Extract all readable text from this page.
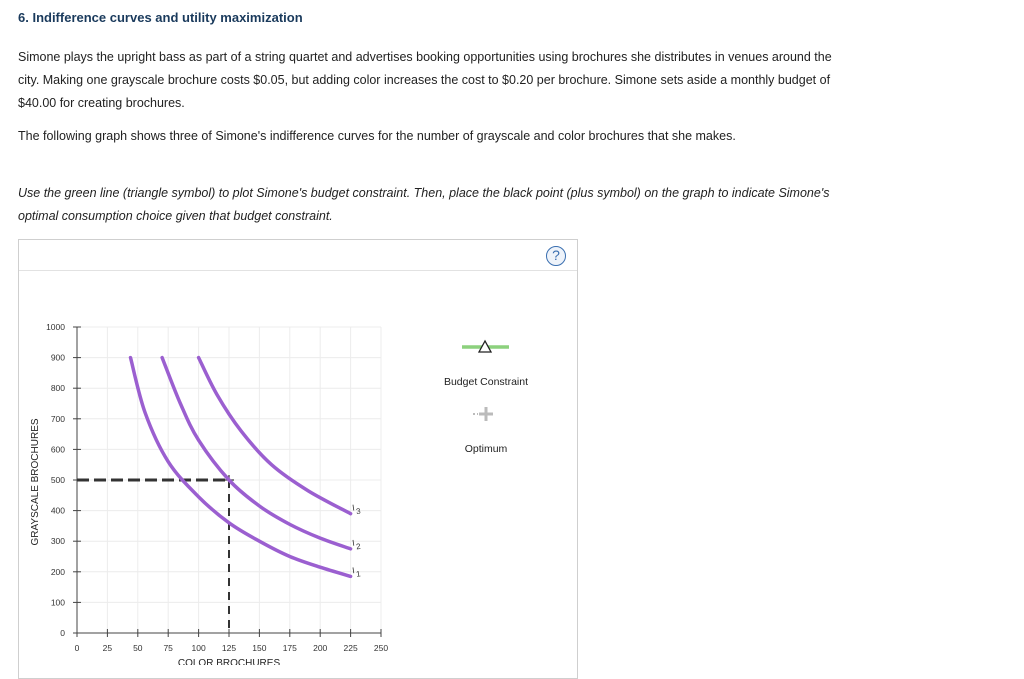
6. Indifference curves and utility maximization
Simone plays the upright bass as part of a string quartet and advertises booking opportunities using brochures she distributes in venues around the
city. Making one grayscale brochure costs $0.05, but adding color increases the cost to $0.20 per brochure. Simone sets aside a monthly budget of
$40.00 for creating brochures.
The following graph shows three of Simone's indifference curves for the number of grayscale and color brochures that she makes.
Use the green line (triangle symbol) to plot Simone's budget constraint. Then, place the black point (plus symbol) on the graph to indicate Simone's
optimal consumption choice given that budget constraint.
?
0
100
200
300
400
500
600
700
800
900
1000
0	25 50 75 100 125 150 175 200 225 250
I1
I2
I3
Budget Constraint
Optimum
GRAYSCALE BROCHURES
COLOR BROCHURES
